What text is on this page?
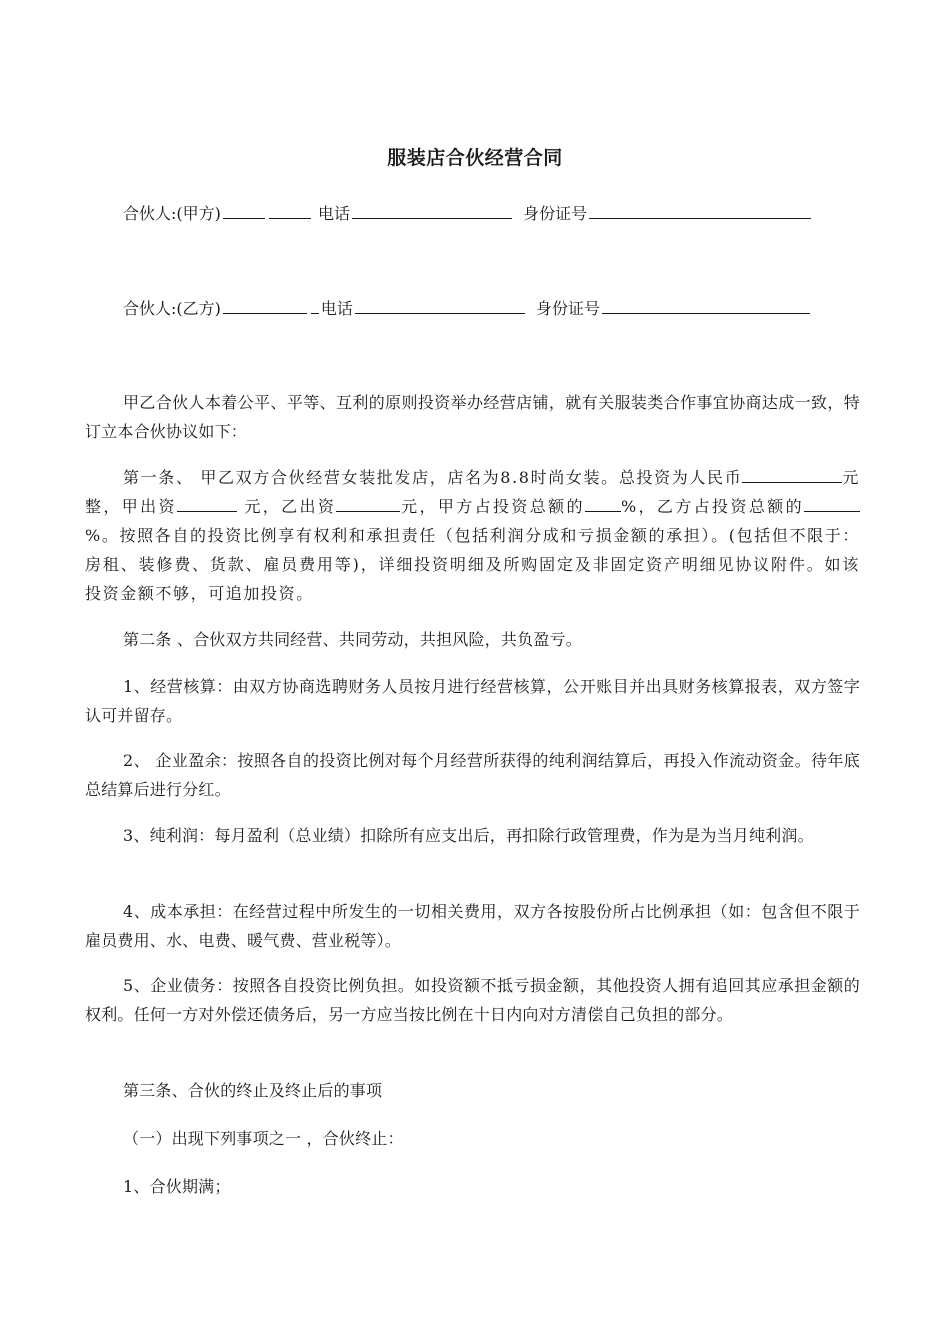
服装店合伙经营合同
合伙人:(甲方)	电话	身份证号
合伙人:(乙方)	电话	身份证号
甲乙合伙人本着公平、平等、互利的原则投资举办经营店铺，就有关服装类合作事宜协商达成一致，特订立本合伙协议如下：
第一条、 甲乙双方合伙经营女装批发店，店名为8.8时尚女装。总投资为人民币	元整，甲出资	元，乙出资	元，甲方占投资总额的 %，乙方占投资总额的%。按照各自的投资比例享有权利和承担责任（包括利润分成和亏损金额的承担）。(包括但不限于：房租、装修费、货款、雇员费用等)，详细投资明细及所购固定及非固定资产明细见协议附件。如该投资金额不够，可追加投资。
第二条 、合伙双方共同经营、共同劳动，共担风险，共负盈亏。
1、经营核算：由双方协商选聘财务人员按月进行经营核算，公开账目并出具财务核算报表，双方签字认可并留存。
2、 企业盈余：按照各自的投资比例对每个月经营所获得的纯利润结算后，再投入作流动资金。待年底总结算后进行分红。
3、纯利润：每月盈利（总业绩）扣除所有应支出后，再扣除行政管理费，作为是为当月纯利润。
4、成本承担：在经营过程中所发生的一切相关费用，双方各按股份所占比例承担（如：包含但不限于雇员费用、水、电费、暖气费、营业税等）。
5、企业债务：按照各自投资比例负担。如投资额不抵亏损金额，其他投资人拥有追回其应承担金额的权利。任何一方对外偿还债务后，另一方应当按比例在十日内向对方清偿自己负担的部分。
第三条、合伙的终止及终止后的事项
（一）出现下列事项之一 ，合伙终止：
1、合伙期满；
